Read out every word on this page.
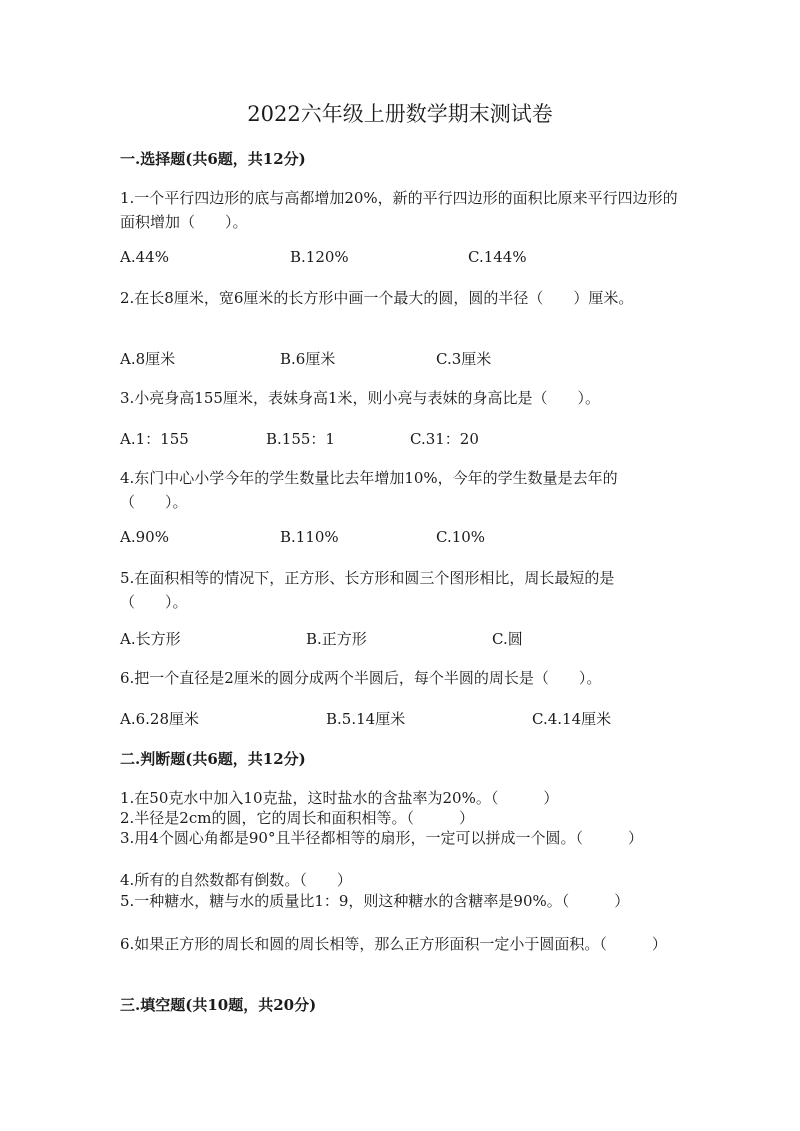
2022六年级上册数学期末测试卷
一.选择题(共6题，共12分)
1.一个平行四边形的底与高都增加20%，新的平行四边形的面积比原来平行四边形的面积增加（　　）。
A.44%	B.120%	C.144%
2.在长8厘米，宽6厘米的长方形中画一个最大的圆，圆的半径（　　）厘米。
A.8厘米	B.6厘米	C.3厘米
3.小亮身高155厘米，表妹身高1米，则小亮与表妹的身高比是（　　）。
A.1：155	B.155：1	C.31：20
4.东门中心小学今年的学生数量比去年增加10%，今年的学生数量是去年的（　　）。
A.90%	B.110%	C.10%
5.在面积相等的情况下，正方形、长方形和圆三个图形相比，周长最短的是（　　）。
A.长方形	B.正方形	C.圆
6.把一个直径是2厘米的圆分成两个半圆后，每个半圆的周长是（　　）。
A.6.28厘米	B.5.14厘米	C.4.14厘米
二.判断题(共6题，共12分)
1.在50克水中加入10克盐，这时盐水的含盐率为20%。（　　　）
2.半径是2cm的圆，它的周长和面积相等。（　　　）
3.用4个圆心角都是90°且半径都相等的扇形，一定可以拼成一个圆。（　　　）
4.所有的自然数都有倒数。（　　）
5.一种糖水，糖与水的质量比1：9，则这种糖水的含糖率是90%。（　　　）
6.如果正方形的周长和圆的周长相等，那么正方形面积一定小于圆面积。（　　　）
三.填空题(共10题，共20分)
